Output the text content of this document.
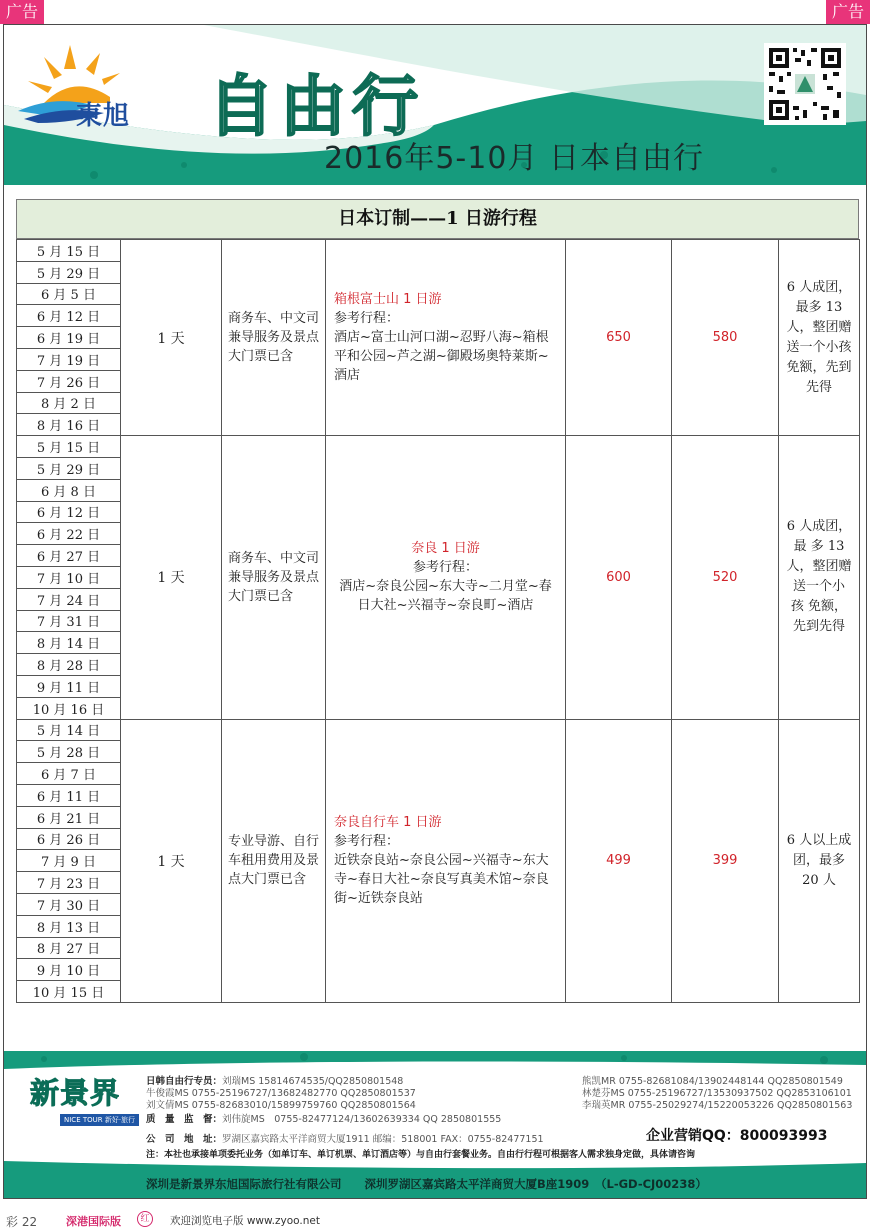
广告	广告
東旭 自由行
2016年5-10月 日本自由行
日本订制——1 日游行程
5 月 15 日	1 天	商务车、中文司兼导服务及景点大门票已含	箱根富士山 1 日游
参考行程：
酒店~富士山河口湖~忍野八海~箱根平和公园~芦之湖~御殿场奥特莱斯~酒店	650	580	6 人成团，最多 13 人，整团赠送一个小孩免额，先到先得
5 月 29 日						
6 月 5 日						
6 月 12 日						
6 月 19 日						
7 月 19 日						
7 月 26 日						
8 月 2 日						
8 月 16 日						
5 月 15 日	1 天	商务车、中文司兼导服务及景点大门票已含	奈良 1 日游
参考行程：
酒店~奈良公园~东大寺~二月堂~春日大社~兴福寺~奈良町~酒店	600	520	6 人成团，最 多 13 人，整团赠送一个小 孩 免额，先到先得
5 月 29 日						
6 月 8 日						
6 月 12 日						
6 月 22 日						
6 月 27 日						
7 月 10 日						
7 月 24 日						
7 月 31 日						
8 月 14 日						
8 月 28 日						
9 月 11 日						
10 月 16 日						
5 月 14 日	1 天	专业导游、自行车租用费用及景点大门票已含	奈良自行车 1 日游
参考行程：
近铁奈良站~奈良公园~兴福寺~东大寺~春日大社~奈良写真美术馆~奈良街~近铁奈良站	499	399	6 人以上成团，最多 20 人
5 月 28 日						
6 月 7 日						
6 月 11 日						
6 月 21 日						
6 月 26 日						
7 月 9 日						
7 月 23 日						
7 月 30 日						
8 月 13 日						
8 月 27 日						
9 月 10 日						
10 月 15 日						
新景界
NICE TOUR 新好·旅行
日韩自由行专员：刘瑞MS 15814674535/QQ2850801548	熊凯MR 0755-82681084/13902448144 QQ2850801549
牛俊霞MS 0755-25196727/13682482770 QQ2850801537	林楚芬MS 0755-25196727/13530937502 QQ2853106101
刘文倩MS 0755-82683010/15899759760 QQ2850801564	李瑞英MR 0755-25029274/15220053226 QQ2850801563
质　量　监　督：刘伟旋MS　0755-82477124/13602639334 QQ 2850801555
公　司　地　址：罗湖区嘉宾路太平洋商贸大厦1911 邮编：518001 FAX：0755-82477151	企业营销QQ：800093993
注：本社也承接单项委托业务（如单订车、单订机票、单订酒店等）与自由行套餐业务。自由行行程可根据客人需求独身定做，具体请咨询
深圳是新景界东旭国际旅行社有限公司　　深圳罗湖区嘉宾路太平洋商贸大厦B座1909　（L-GD-CJ00238）
彩 22	深港国际版	红	欢迎浏览电子版 www.zyoo.net
